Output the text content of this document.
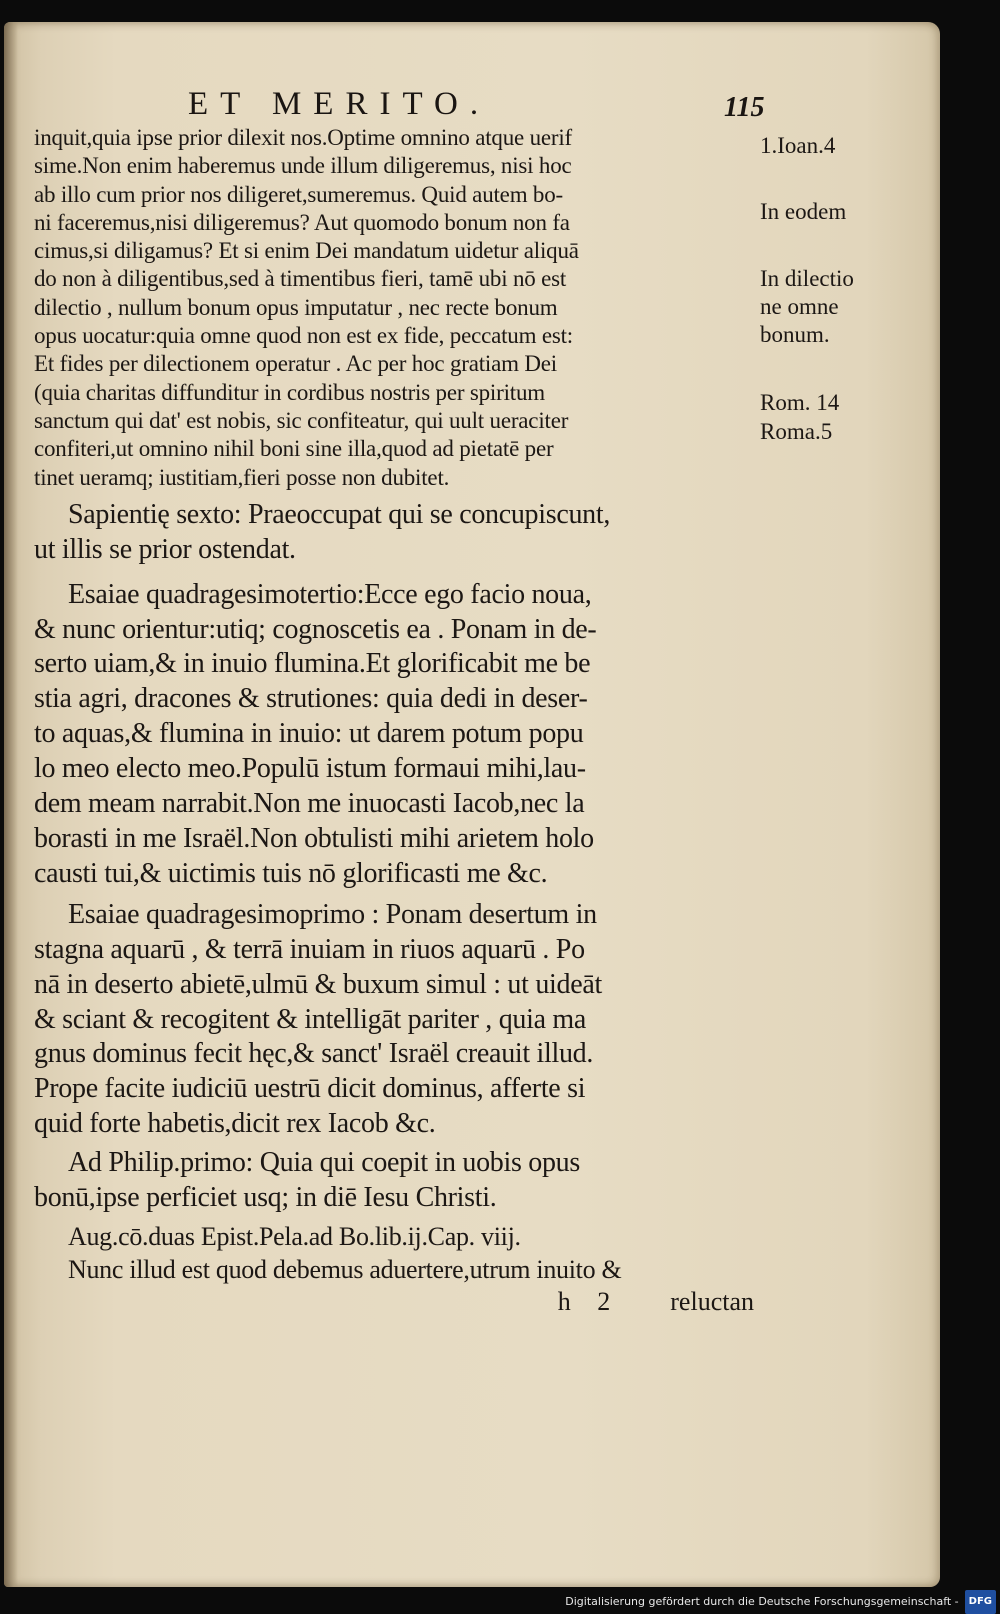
ET MERITO.	115
inquit,quia ipse prior dilexit nos.Optime omnino atque uerif
sime.Non enim haberemus unde illum diligeremus, nisi hoc
ab illo cum prior nos diligeret,sumeremus. Quid autem bo-
ni faceremus,nisi diligeremus? Aut quomodo bonum non fa
cimus,si diligamus? Et si enim Dei mandatum uidetur aliquā
do non à diligentibus,sed à timentibus fieri, tamē ubi nō est
dilectio , nullum bonum opus imputatur , nec recte bonum
opus uocatur:quia omne quod non est ex fide, peccatum est:
Et fides per dilectionem operatur . Ac per hoc gratiam Dei
(quia charitas diffunditur in cordibus nostris per spiritum
sanctum qui dat' est nobis, sic confiteatur, qui uult ueraciter
confiteri,ut omnino nihil boni sine illa,quod ad pietatē per
tinet ueramq; iustitiam,fieri posse non dubitet.
Sapientię sexto: Praeoccupat qui se concupiscunt,
ut illis se prior ostendat.
Esaiae quadragesimotertio:Ecce ego facio noua,
& nunc orientur:utiq; cognoscetis ea . Ponam in de-
serto uiam,& in inuio flumina.Et glorificabit me be
stia agri, dracones & strutiones: quia dedi in deser-
to aquas,& flumina in inuio: ut darem potum popu
lo meo electo meo.Populū istum formaui mihi,lau-
dem meam narrabit.Non me inuocasti Iacob,nec la
borasti in me Israël.Non obtulisti mihi arietem holo
causti tui,& uictimis tuis nō glorificasti me &c.
Esaiae quadragesimoprimo : Ponam desertum in
stagna aquarū , & terrā inuiam in riuos aquarū . Po
nā in deserto abietē,ulmū & buxum simul : ut uideāt
& sciant & recogitent & intelligāt pariter , quia ma
gnus dominus fecit hęc,& sanct' Israël creauit illud.
Prope facite iudiciū uestrū dicit dominus, afferte si
quid forte habetis,dicit rex Iacob &c.
Ad Philip.primo: Quia qui coepit in uobis opus
bonū,ipse perficiet usq; in diē Iesu Christi.
Aug.cō.duas Epist.Pela.ad Bo.lib.ij.Cap. viij.
Nunc illud est quod debemus aduertere,utrum inuito &
h 2 reluctan
1.Ioan.4
In eodem
In dilectio
ne omne
bonum.
Rom. 14
Roma.5
Digitalisierung gefördert durch die Deutsche Forschungsgemeinschaft - DFG
